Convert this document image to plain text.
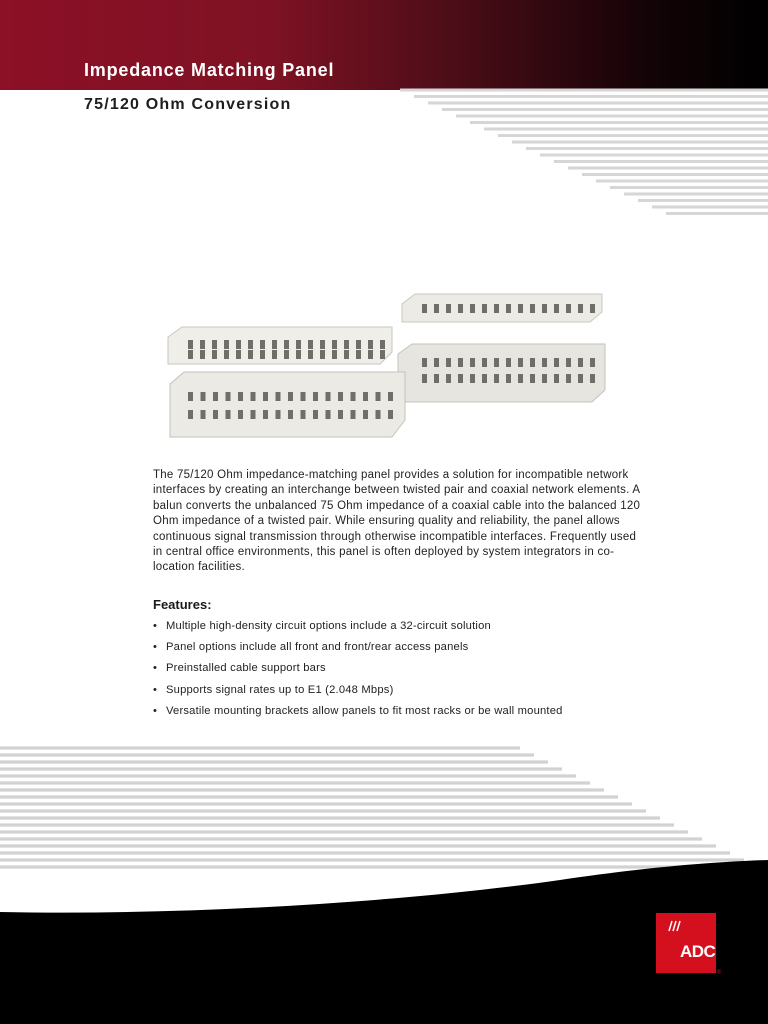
Impedance Matching Panel
75/120 Ohm Conversion

The 75/120 Ohm impedance-matching panel provides a solution for incompatible network interfaces by creating an interchange between twisted pair and coaxial network elements. A balun converts the unbalanced 75 Ohm impedance of a coaxial cable into the balanced 120 Ohm impedance of a twisted pair. While ensuring quality and reliability, the panel allows continuous signal transmission through otherwise incompatible interfaces. Frequently used in central office environments, this panel is often deployed by system integrators in co-location facilities.

Features:
• Multiple high-density circuit options include a 32-circuit solution
• Panel options include all front and front/rear access panels
• Preinstalled cable support bars
• Supports signal rates up to E1 (2.048 Mbps)
• Versatile mounting brackets allow panels to fit most racks or be wall mounted
ADC
®
